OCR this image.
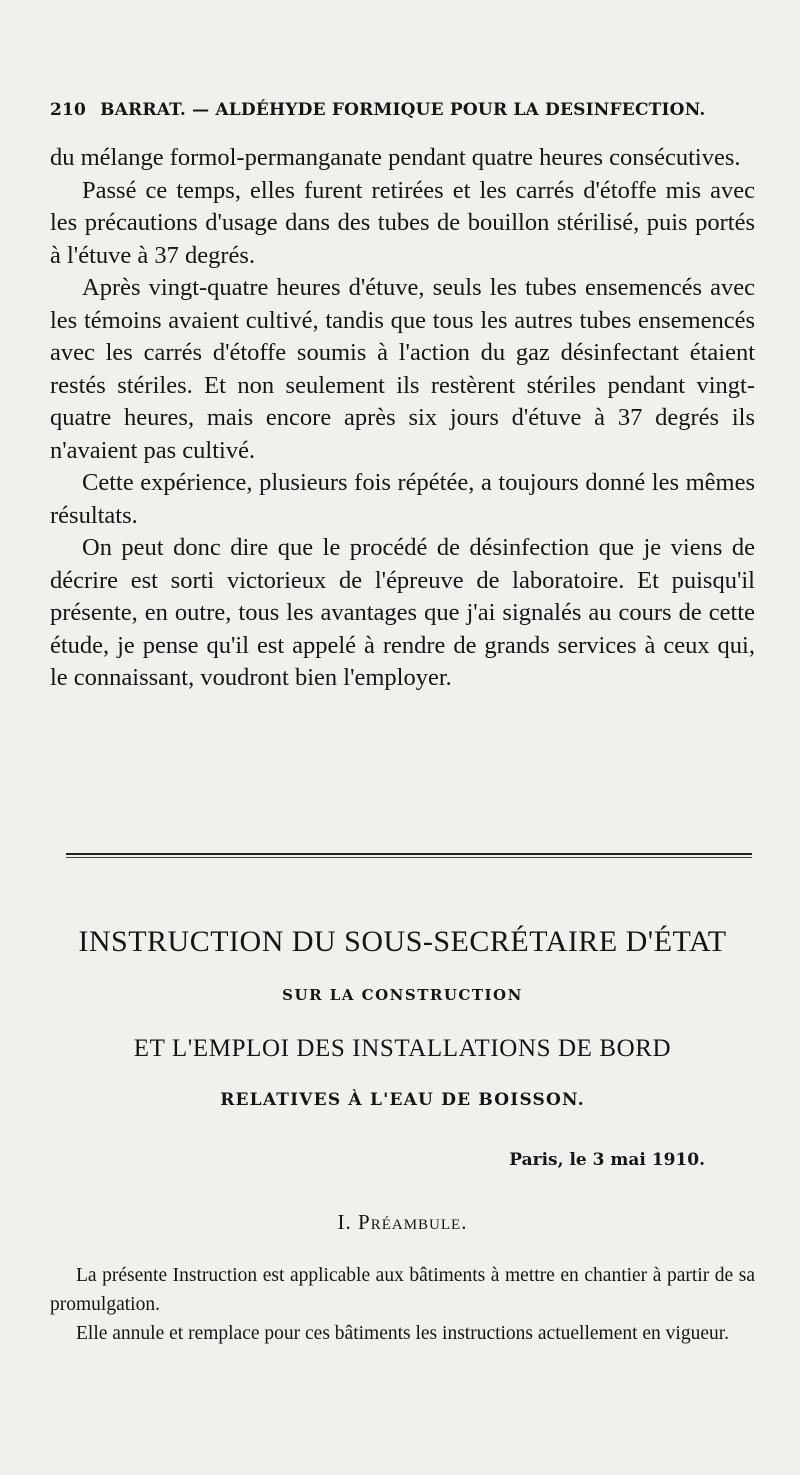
210 BARRAT. — ALDÉHYDE FORMIQUE POUR LA DESINFECTION.

du mélange formol-permanganate pendant quatre heures consécutives.

Passé ce temps, elles furent retirées et les carrés d'étoffe mis avec les précautions d'usage dans des tubes de bouillon stérilisé, puis portés à l'étuve à 37 degrés.

Après vingt-quatre heures d'étuve, seuls les tubes ensemencés avec les témoins avaient cultivé, tandis que tous les autres tubes ensemencés avec les carrés d'étoffe soumis à l'action du gaz désinfectant étaient restés stériles. Et non seulement ils restèrent stériles pendant vingt-quatre heures, mais encore après six jours d'étuve à 37 degrés ils n'avaient pas cultivé.

Cette expérience, plusieurs fois répétée, a toujours donné les mêmes résultats.

On peut donc dire que le procédé de désinfection que je viens de décrire est sorti victorieux de l'épreuve de laboratoire. Et puisqu'il présente, en outre, tous les avantages que j'ai signalés au cours de cette étude, je pense qu'il est appelé à rendre de grands services à ceux qui, le connaissant, voudront bien l'employer.

INSTRUCTION DU SOUS-SECRÉTAIRE D'ÉTAT
SUR LA CONSTRUCTION
ET L'EMPLOI DES INSTALLATIONS DE BORD
RELATIVES À L'EAU DE BOISSON.
Paris, le 3 mai 1910.
I. Préambule.

La présente Instruction est applicable aux bâtiments à mettre en chantier à partir de sa promulgation.

Elle annule et remplace pour ces bâtiments les instructions actuellement en vigueur.
